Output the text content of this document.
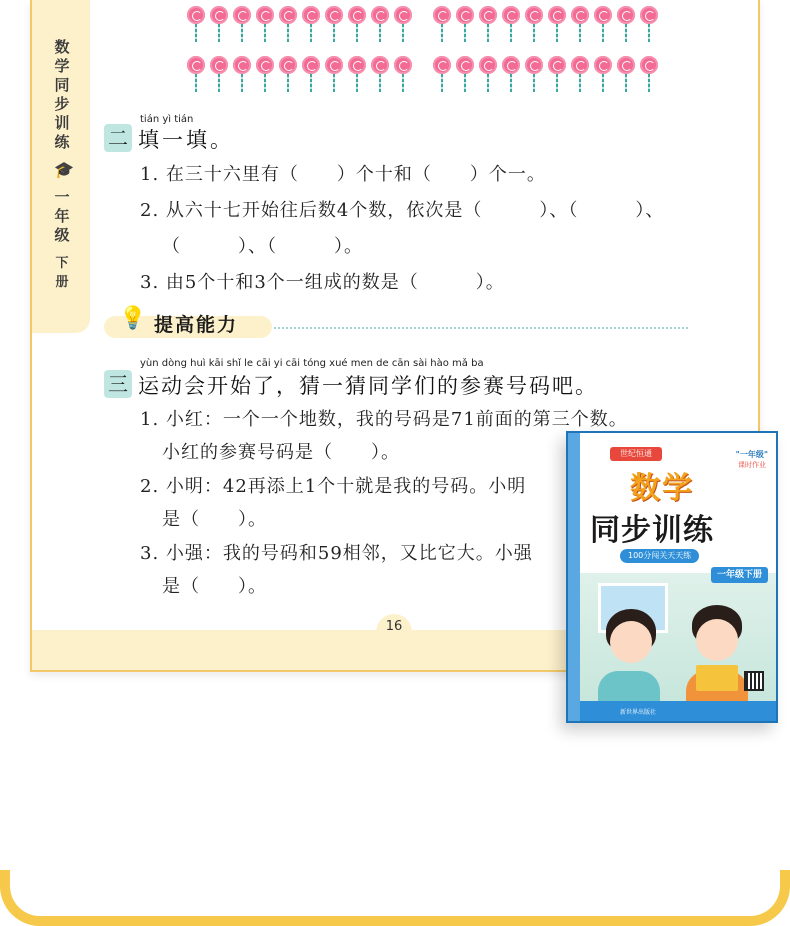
数学同步训练
🎓
一年级
下册
tián yì tián
二 填一填。
1. 在三十六里有（　　）个十和（　　）个一。
2. 从六十七开始往后数4个数，依次是（　　　）、（　　　）、
（　　　）、（　　　）。
3. 由5个十和3个一组成的数是（　　　）。
💡 提高能力
yùn dòng huì kāi shǐ le cāi yi cāi tóng xué men de cān sài hào mǎ ba
三 运动会开始了，猜一猜同学们的参赛号码吧。
1. 小红：一个一个地数，我的号码是71前面的第三个数。
小红的参赛号码是（　　）。
2. 小明：42再添上1个十就是我的号码。小明
是（　　）。
3. 小强：我的号码和59相邻，又比它大。小强
是（　　）。
16
世纪恒通	"一年级"
课时作业
数学
同步训练
100分闯关天天练
一年级下册
新世界出版社
